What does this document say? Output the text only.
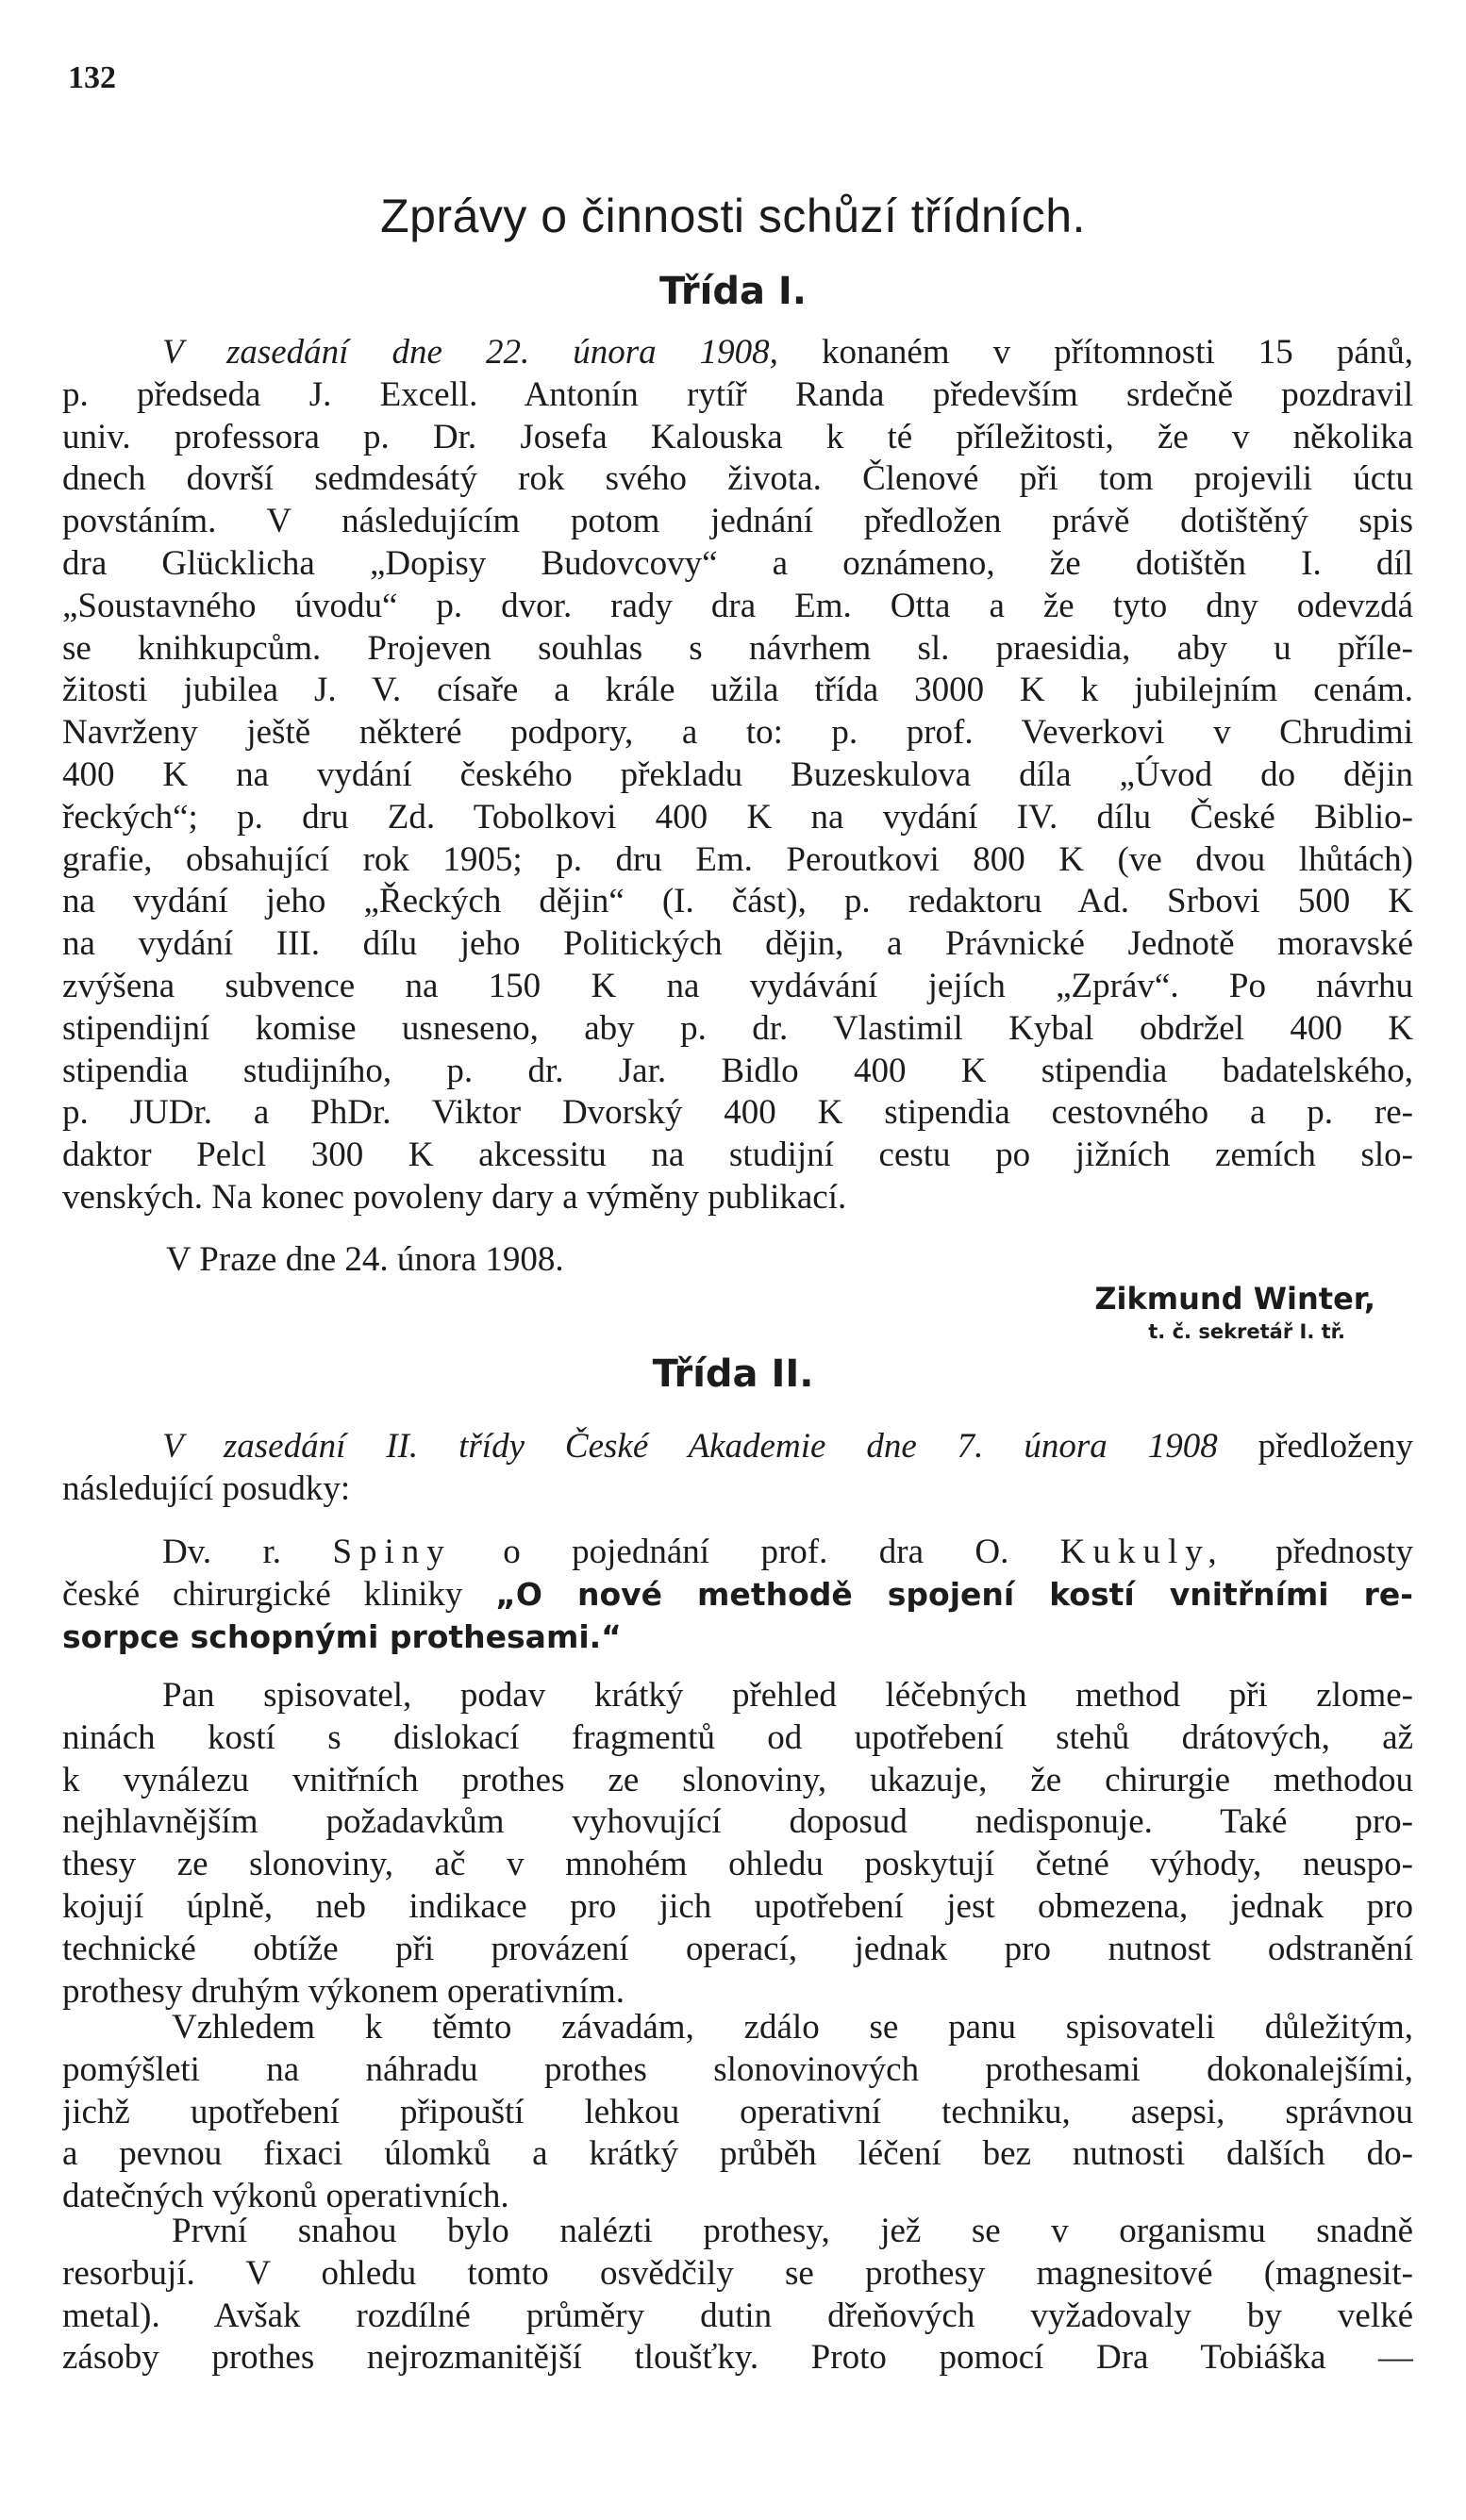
132
Zprávy o činnosti schůzí třídních.
Třída I.
V zasedání dne 22. února 1908, konaném v přítomnosti 15 pánů,
p. předseda J. Excell. Antonín rytíř Randa především srdečně pozdravil
univ. professora p. Dr. Josefa Kalouska k té příležitosti, že v několika
dnech dovrší sedmdesátý rok svého života. Členové při tom projevili úctu
povstáním. V následujícím potom jednání předložen právě dotištěný spis
dra Glücklicha „Dopisy Budovcovy“ a oznámeno, že dotištěn I. díl
„Soustavného úvodu“ p. dvor. rady dra Em. Otta a že tyto dny odevzdá
se knihkupcům. Projeven souhlas s návrhem sl. praesidia, aby u příle-
žitosti jubilea J. V. císaře a krále užila třída 3000 K k jubilejním cenám.
Navrženy ještě některé podpory, a to: p. prof. Veverkovi v Chrudimi
400 K na vydání českého překladu Buzeskulova díla „Úvod do dějin
řeckých“; p. dru Zd. Tobolkovi 400 K na vydání IV. dílu České Biblio-
grafie, obsahující rok 1905; p. dru Em. Peroutkovi 800 K (ve dvou lhůtách)
na vydání jeho „Řeckých dějin“ (I. část), p. redaktoru Ad. Srbovi 500 K
na vydání III. dílu jeho Politických dějin, a Právnické Jednotě moravské
zvýšena subvence na 150 K na vydávání jejích „Zpráv“. Po návrhu
stipendijní komise usneseno, aby p. dr. Vlastimil Kybal obdržel 400 K
stipendia studijního, p. dr. Jar. Bidlo 400 K stipendia badatelského,
p. JUDr. a PhDr. Viktor Dvorský 400 K stipendia cestovného a p. re-
daktor Pelcl 300 K akcessitu na studijní cestu po jižních zemích slo-
venských. Na konec povoleny dary a výměny publikací.
V Praze dne 24. února 1908.
Zikmund Winter,
t. č. sekretář I. tř.
Třída II.
V zasedání II. třídy České Akademie dne 7. února 1908 předloženy
následující posudky:
Dv. r. Spiny o pojednání prof. dra O. Kukuly, přednosty
české chirurgické kliniky „O nové methodě spojení kostí vnitřními re-
sorpce schopnými prothesami.“
Pan spisovatel, podav krátký přehled léčebných method při zlome-
ninách kostí s dislokací fragmentů od upotřebení stehů drátových, až
k vynálezu vnitřních prothes ze slonoviny, ukazuje, že chirurgie methodou
nejhlavnějším požadavkům vyhovující doposud nedisponuje. Také pro-
thesy ze slonoviny, ač v mnohém ohledu poskytují četné výhody, neuspo-
kojují úplně, neb indikace pro jich upotřebení jest obmezena, jednak pro
technické obtíže při provázení operací, jednak pro nutnost odstranění
prothesy druhým výkonem operativním.
Vzhledem k těmto závadám, zdálo se panu spisovateli důležitým,
pomýšleti na náhradu prothes slonovinových prothesami dokonalejšími,
jichž upotřebení připouští lehkou operativní techniku, asepsi, správnou
a pevnou fixaci úlomků a krátký průběh léčení bez nutnosti dalších do-
datečných výkonů operativních.
První snahou bylo nalézti prothesy, jež se v organismu snadně
resorbují. V ohledu tomto osvědčily se prothesy magnesitové (magnesit-
metal). Avšak rozdílné průměry dutin dřeňových vyžadovaly by velké
zásoby prothes nejrozmanitější tloušťky. Proto pomocí Dra Tobiáška —
